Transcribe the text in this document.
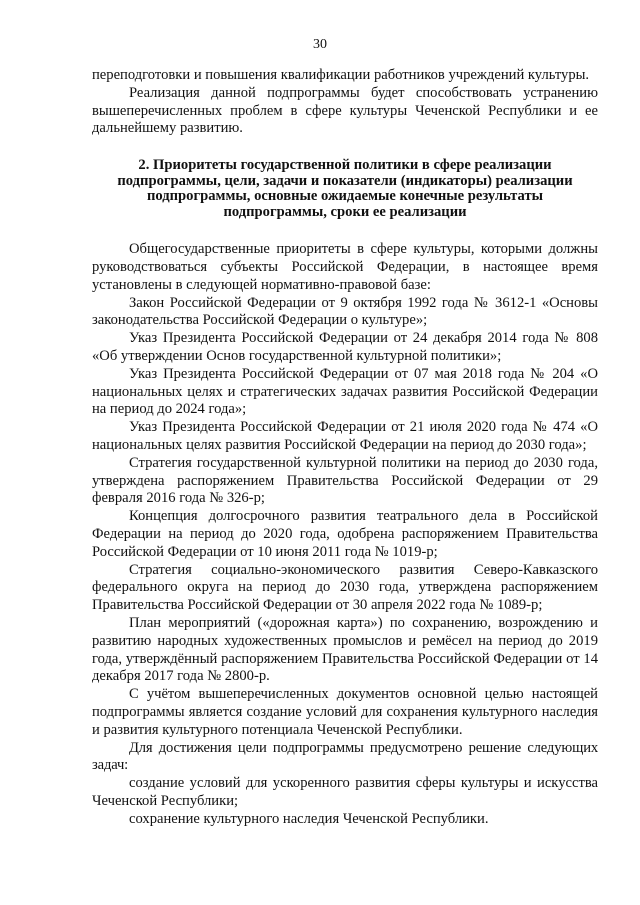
30

переподготовки и повышения квалификации работников учреждений культуры.

Реализация данной подпрограммы будет способствовать устранению вышеперечисленных проблем в сфере культуры Чеченской Республики и ее дальнейшему развитию.

2. Приоритеты государственной политики в сфере реализации подпрограммы, цели, задачи и показатели (индикаторы) реализации подпрограммы, основные ожидаемые конечные результаты подпрограммы, сроки ее реализации

Общегосударственные приоритеты в сфере культуры, которыми должны руководствоваться субъекты Российской Федерации, в настоящее время установлены в следующей нормативно-правовой базе:

Закон Российской Федерации от 9 октября 1992 года № 3612-1 «Основы законодательства Российской Федерации о культуре»;

Указ Президента Российской Федерации от 24 декабря 2014 года № 808 «Об утверждении Основ государственной культурной политики»;

Указ Президента Российской Федерации от 07 мая 2018 года № 204 «О национальных целях и стратегических задачах развития Российской Федерации на период до 2024 года»;

Указ Президента Российской Федерации от 21 июля 2020 года № 474 «О национальных целях развития Российской Федерации на период до 2030 года»;

Стратегия государственной культурной политики на период до 2030 года, утверждена распоряжением Правительства Российской Федерации от 29 февраля 2016 года № 326-р;

Концепция долгосрочного развития театрального дела в Российской Федерации на период до 2020 года, одобрена распоряжением Правительства Российской Федерации от 10 июня 2011 года № 1019-р;

Стратегия социально-экономического развития Северо-Кавказского федерального округа на период до 2030 года, утверждена распоряжением Правительства Российской Федерации от 30 апреля 2022 года № 1089-р;

План мероприятий («дорожная карта») по сохранению, возрождению и развитию народных художественных промыслов и ремёсел на период до 2019 года, утверждённый распоряжением Правительства Российской Федерации от 14 декабря 2017 года № 2800-р.

С учётом вышеперечисленных документов основной целью настоящей подпрограммы является создание условий для сохранения культурного наследия и развития культурного потенциала Чеченской Республики.

Для достижения цели подпрограммы предусмотрено решение следующих задач:

создание условий для ускоренного развития сферы культуры и искусства Чеченской Республики;

сохранение культурного наследия Чеченской Республики.
